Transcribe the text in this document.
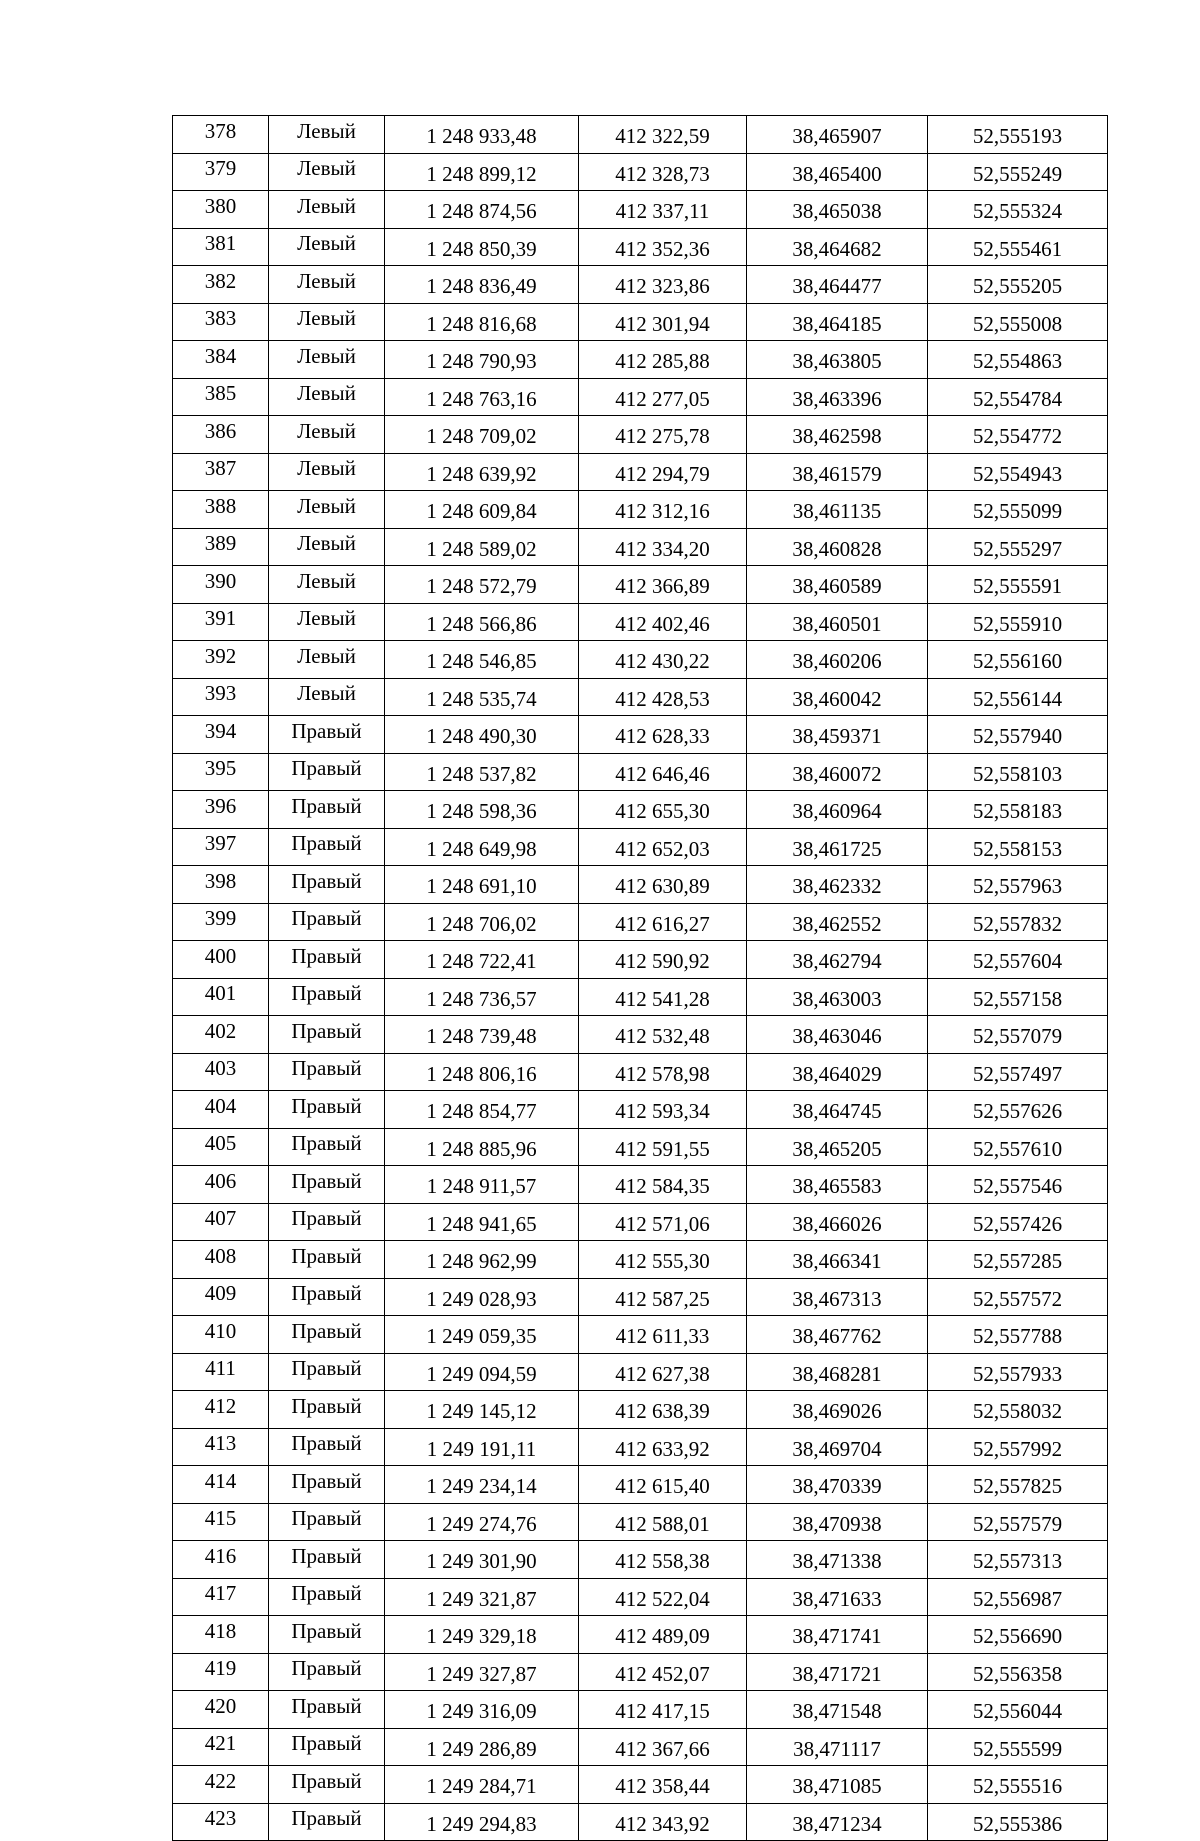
378	Левый	1 248 933,48	412 322,59	38,465907	52,555193
379	Левый	1 248 899,12	412 328,73	38,465400	52,555249
380	Левый	1 248 874,56	412 337,11	38,465038	52,555324
381	Левый	1 248 850,39	412 352,36	38,464682	52,555461
382	Левый	1 248 836,49	412 323,86	38,464477	52,555205
383	Левый	1 248 816,68	412 301,94	38,464185	52,555008
384	Левый	1 248 790,93	412 285,88	38,463805	52,554863
385	Левый	1 248 763,16	412 277,05	38,463396	52,554784
386	Левый	1 248 709,02	412 275,78	38,462598	52,554772
387	Левый	1 248 639,92	412 294,79	38,461579	52,554943
388	Левый	1 248 609,84	412 312,16	38,461135	52,555099
389	Левый	1 248 589,02	412 334,20	38,460828	52,555297
390	Левый	1 248 572,79	412 366,89	38,460589	52,555591
391	Левый	1 248 566,86	412 402,46	38,460501	52,555910
392	Левый	1 248 546,85	412 430,22	38,460206	52,556160
393	Левый	1 248 535,74	412 428,53	38,460042	52,556144
394	Правый	1 248 490,30	412 628,33	38,459371	52,557940
395	Правый	1 248 537,82	412 646,46	38,460072	52,558103
396	Правый	1 248 598,36	412 655,30	38,460964	52,558183
397	Правый	1 248 649,98	412 652,03	38,461725	52,558153
398	Правый	1 248 691,10	412 630,89	38,462332	52,557963
399	Правый	1 248 706,02	412 616,27	38,462552	52,557832
400	Правый	1 248 722,41	412 590,92	38,462794	52,557604
401	Правый	1 248 736,57	412 541,28	38,463003	52,557158
402	Правый	1 248 739,48	412 532,48	38,463046	52,557079
403	Правый	1 248 806,16	412 578,98	38,464029	52,557497
404	Правый	1 248 854,77	412 593,34	38,464745	52,557626
405	Правый	1 248 885,96	412 591,55	38,465205	52,557610
406	Правый	1 248 911,57	412 584,35	38,465583	52,557546
407	Правый	1 248 941,65	412 571,06	38,466026	52,557426
408	Правый	1 248 962,99	412 555,30	38,466341	52,557285
409	Правый	1 249 028,93	412 587,25	38,467313	52,557572
410	Правый	1 249 059,35	412 611,33	38,467762	52,557788
411	Правый	1 249 094,59	412 627,38	38,468281	52,557933
412	Правый	1 249 145,12	412 638,39	38,469026	52,558032
413	Правый	1 249 191,11	412 633,92	38,469704	52,557992
414	Правый	1 249 234,14	412 615,40	38,470339	52,557825
415	Правый	1 249 274,76	412 588,01	38,470938	52,557579
416	Правый	1 249 301,90	412 558,38	38,471338	52,557313
417	Правый	1 249 321,87	412 522,04	38,471633	52,556987
418	Правый	1 249 329,18	412 489,09	38,471741	52,556690
419	Правый	1 249 327,87	412 452,07	38,471721	52,556358
420	Правый	1 249 316,09	412 417,15	38,471548	52,556044
421	Правый	1 249 286,89	412 367,66	38,471117	52,555599
422	Правый	1 249 284,71	412 358,44	38,471085	52,555516
423	Правый	1 249 294,83	412 343,92	38,471234	52,555386
